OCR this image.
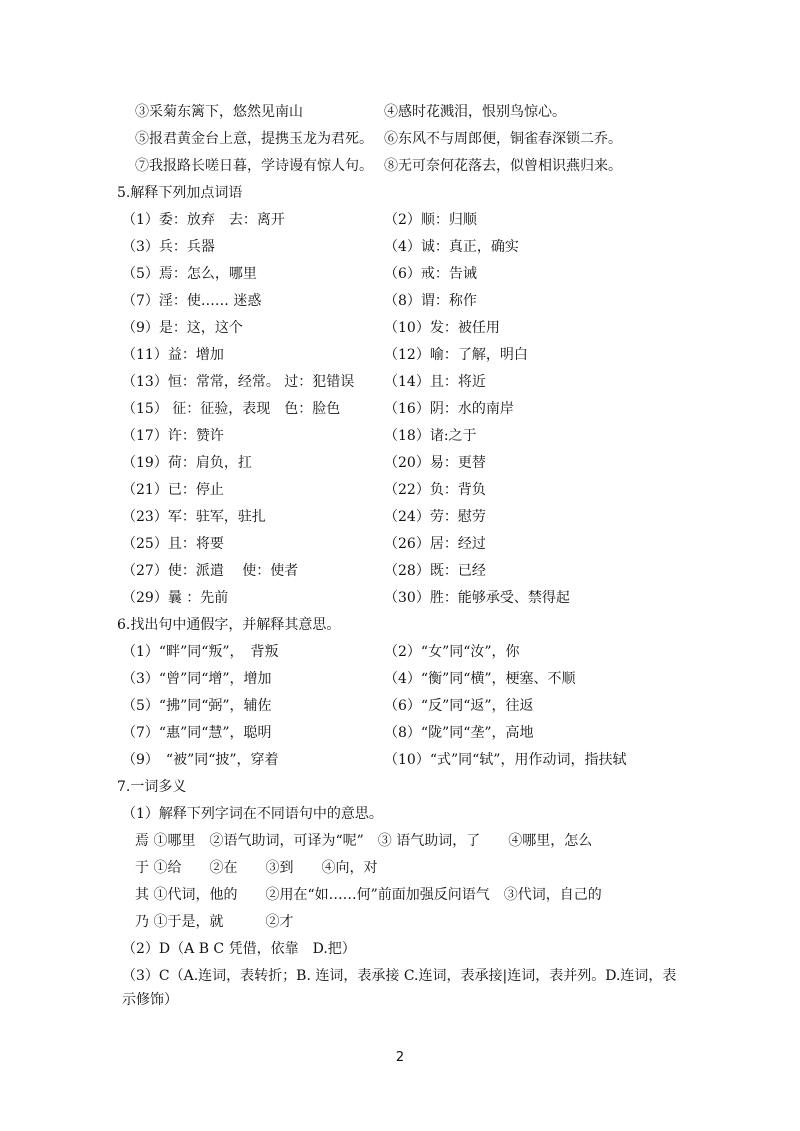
③采菊东篱下，悠然见南山	④感时花溅泪，恨别鸟惊心。
⑤报君黄金台上意，提携玉龙为君死。 ⑥东风不与周郎便，铜雀春深锁二乔。
⑦我报路长嗟日暮，学诗谩有惊人句。 ⑧无可奈何花落去，似曾相识燕归来。
5.解释下列加点词语
（1）委：放弃　去：离开	（2）顺：归顺
（3）兵：兵器	（4）诚：真正，确实
（5）焉：怎么，哪里	（6）戒：告诫
（7）淫：使…… 迷惑	（8）谓：称作
（9）是：这，这个	（10）发：被任用
（11）益：增加	（12）喻：了解，明白
（13）恒：常常，经常。 过：犯错误 （14）且：将近
（15） 征：征验，表现　色：脸色	（16）阴：水的南岸
（17）许：赞许	（18）诸:之于
（19）荷：肩负，扛	（20）易：更替
（21）已：停止	（22）负：背负
（23）军：驻军，驻扎	（24）劳：慰劳
（25）且：将要	（26）居：经过
（27）使：派遣　 使：使者	（28）既：已经
（29）曩 ：先前	（30）胜：能够承受、禁得起
6.找出句中通假字，并解释其意思。
（1）“畔”同“叛”，　背叛	（2）“女”同“汝”，你
（3）“曾”同“增”，增加	（4）“衡”同“横”，梗塞、不顺
（5）“拂”同“弼”，辅佐	（6）“反”同“返”，往返
（7）“惠”同“慧”，聪明	（8）“陇”同“垄”，高地
（9）　“被”同“披”，穿着	（10）“式”同“轼”，用作动词，指扶轼
7.一词多义
（1）解释下列字词在不同语句中的意思。
焉 ①哪里　②语气助词，可译为“呢”　③ 语气助词，了　　④哪里，怎么
于 ①给　　②在　　③到　　④向，对
其 ①代词，他的　　②用在“如……何”前面加强反问语气　③代词，自己的
乃 ①于是，就　　　②才
（2）D（A B C 凭借，依靠　D.把）
（3）C（A.连词，表转折；B. 连词，表承接 C.连词，表承接|连词，表并列。D.连词，表
示修饰）
2
